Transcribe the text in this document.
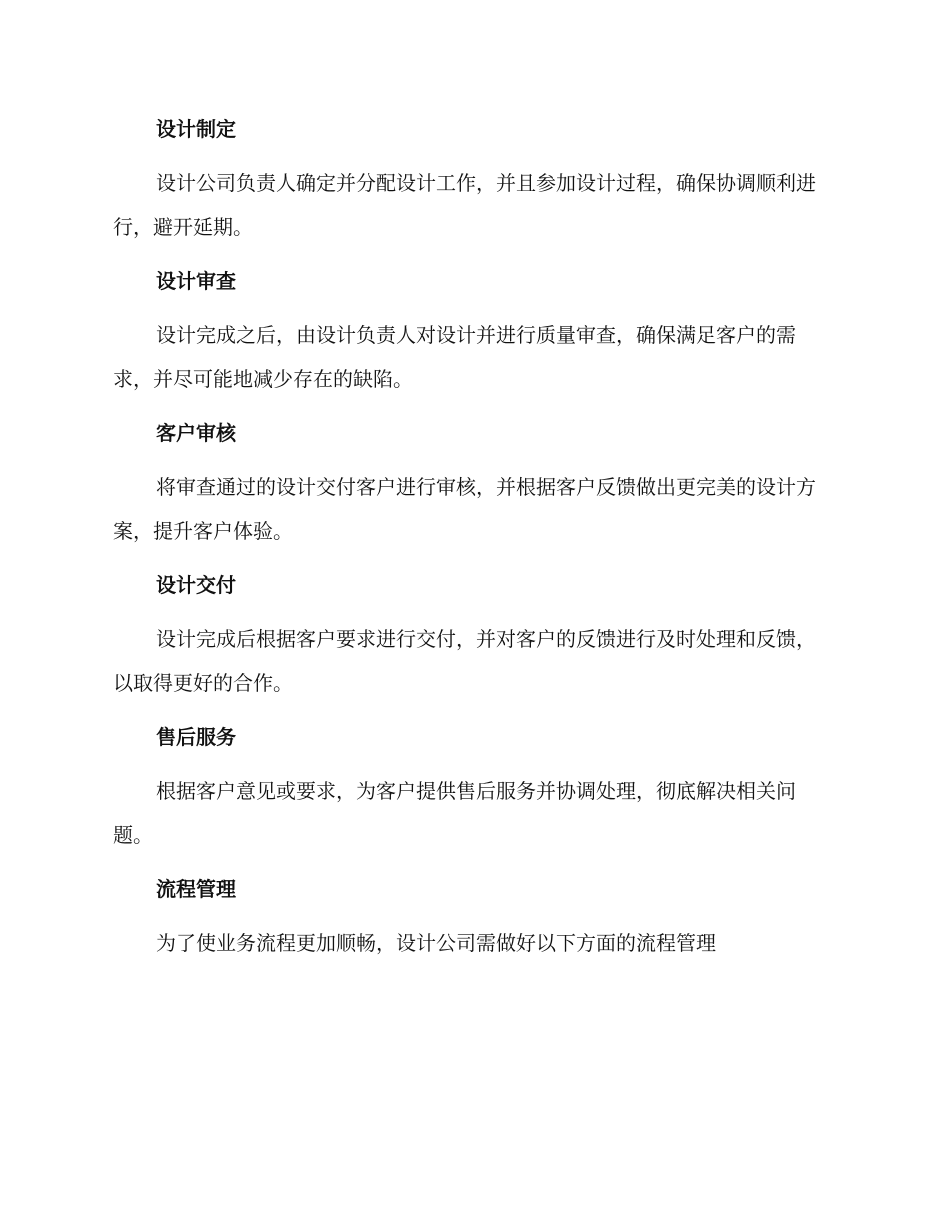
设计制定

设计公司负责人确定并分配设计工作，并且参加设计过程，确保协调顺利进行，避开延期。

设计审查

设计完成之后，由设计负责人对设计并进行质量审查，确保满足客户的需求，并尽可能地减少存在的缺陷。

客户审核

将审查通过的设计交付客户进行审核，并根据客户反馈做出更完美的设计方案，提升客户体验。

设计交付

设计完成后根据客户要求进行交付，并对客户的反馈进行及时处理和反馈，以取得更好的合作。

售后服务

根据客户意见或要求，为客户提供售后服务并协调处理，彻底解决相关问题。

流程管理

为了使业务流程更加顺畅，设计公司需做好以下方面的流程管理
